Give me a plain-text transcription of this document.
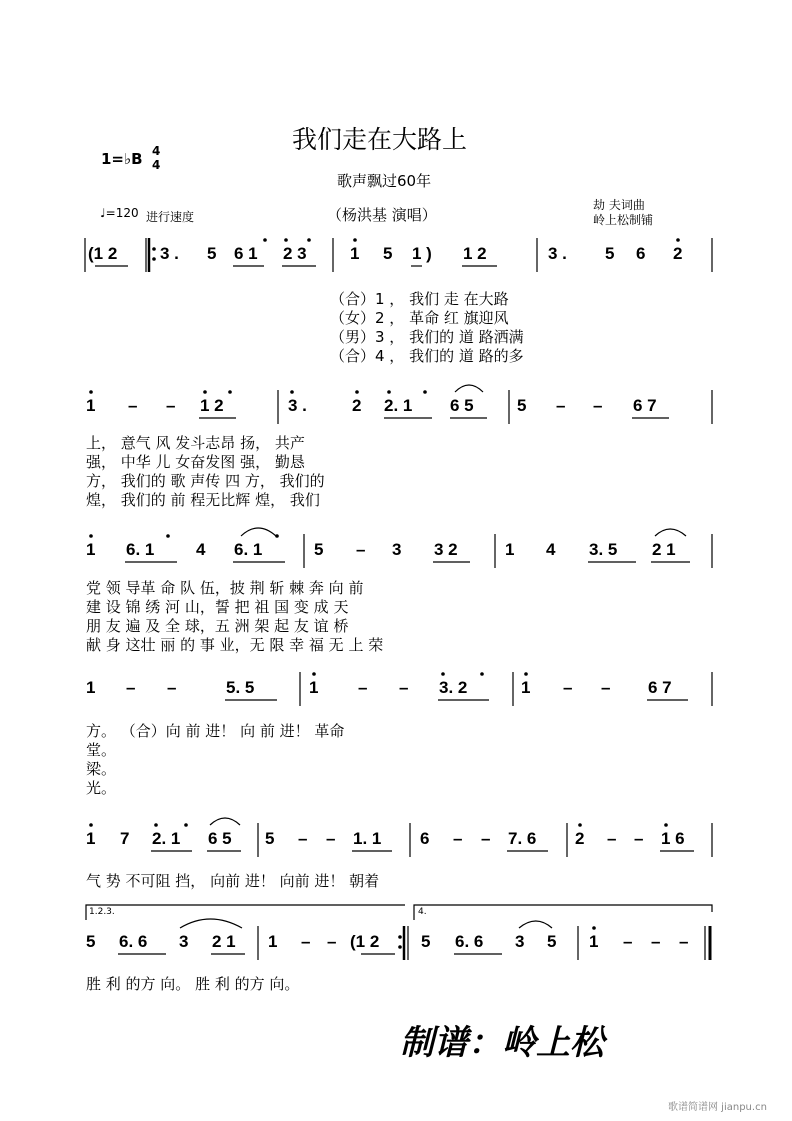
我们走在大路上
歌声飘过60年
（杨洪基 演唱）
1=♭B 4
4
♩=120 进行速度
劫 夫词曲
岭上松制铺
(1 2	3 . 5 6 1 2 3	1 5 1 ) 1 2	3 . 5 6 2
（合）1 ， 我们 走 在大路
（女）2 ， 革命 红 旗迎风
（男）3 ， 我们的 道 路洒满
（合）4 ， 我们的 道 路的多
1 – – 1 2	3 .	2 2. 1 6 5	5 – – 6 7
上， 意气 风 发斗志昂 扬， 共产
强， 中华 儿 女奋发图 强， 勤恳
方， 我们的 歌 声传 四 方， 我们的
煌， 我们的 前 程无比辉 煌， 我们
1 6. 1 4 6. 1	5 – 3 3 2	1 4 3. 5 2 1
党 领 导革 命 队 伍，披 荆 斩 棘 奔 向 前
建 设 锦 绣 河 山，誓 把 祖 国 变 成 天
朋 友 遍 及 全 球，五 洲 架 起 友 谊 桥
献 身 这壮 丽 的 事 业，无 限 幸 福 无 上 荣
1 – –	5. 5	1 – – 3. 2	1 – – 6 7
方。 （合）向 前 进！ 向 前 进！ 革命
堂。
梁。
光。
1 7 2. 1 6 5 5 – – 1. 1 6 – – 7. 6 2 – – 1 6
气 势 不可阻 挡， 向前 进！ 向前 进！ 朝着
1.2.3.	4.
5 6. 6 3 2 1 1 – – (1 2 5 6. 6 3 5 1 – – –
胜 利 的方 向。 胜 利 的方 向。
制谱：岭上松
歌谱简谱网 jianpu.cn
